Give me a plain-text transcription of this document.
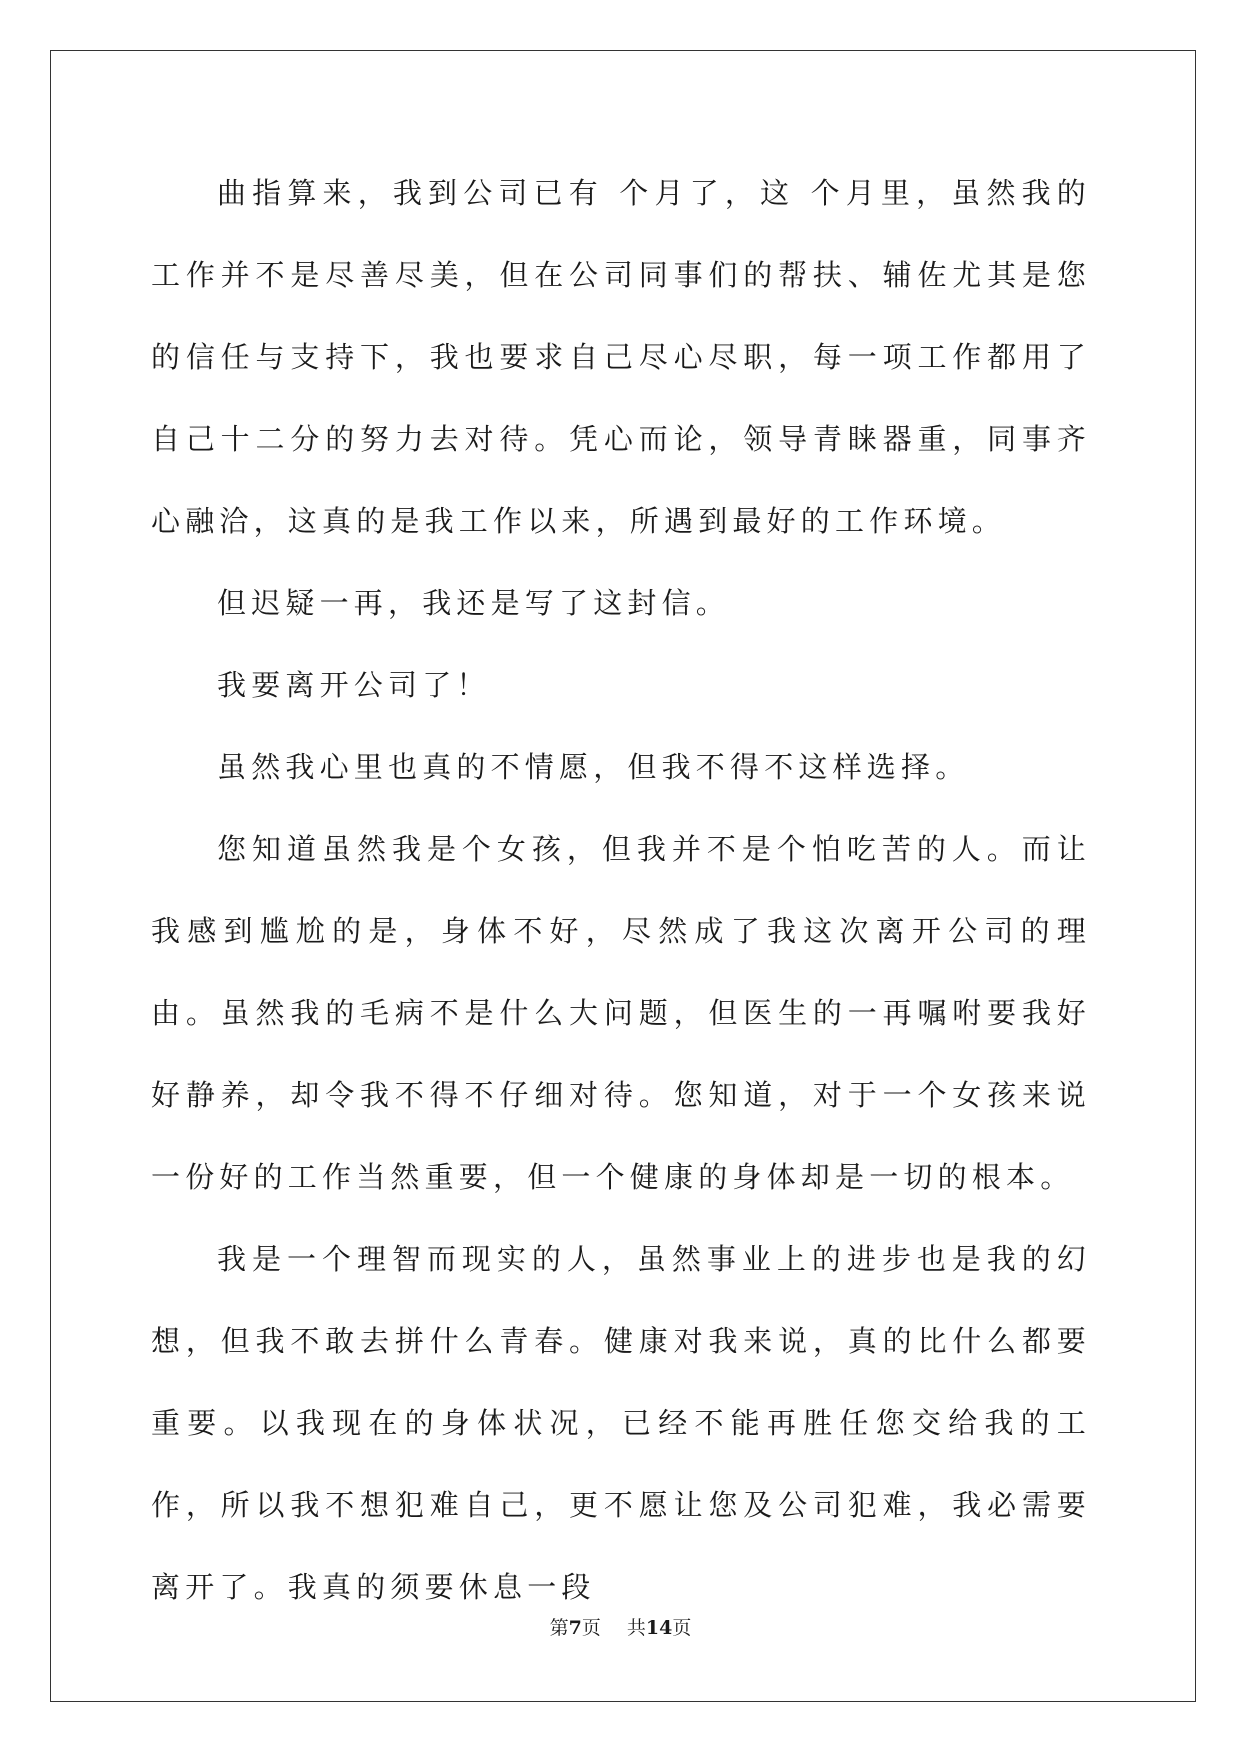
曲指算来，我到公司已有 个月了，这 个月里，虽然我的工作并不是尽善尽美，但在公司同事们的帮扶、辅佐尤其是您的信任与支持下，我也要求自己尽心尽职，每一项工作都用了自己十二分的努力去对待。凭心而论，领导青睐器重，同事齐心融洽，这真的是我工作以来，所遇到最好的工作环境。

但迟疑一再，我还是写了这封信。

我要离开公司了！

虽然我心里也真的不情愿，但我不得不这样选择。

您知道虽然我是个女孩，但我并不是个怕吃苦的人。而让我感到尴尬的是，身体不好，尽然成了我这次离开公司的理由。虽然我的毛病不是什么大问题，但医生的一再嘱咐要我好好静养，却令我不得不仔细对待。您知道，对于一个女孩来说一份好的工作当然重要，但一个健康的身体却是一切的根本。

我是一个理智而现实的人，虽然事业上的进步也是我的幻想，但我不敢去拼什么青春。健康对我来说，真的比什么都要重要。以我现在的身体状况，已经不能再胜任您交给我的工作，所以我不想犯难自己，更不愿让您及公司犯难，我必需要离开了。我真的须要休息一段

第7页 共14页
